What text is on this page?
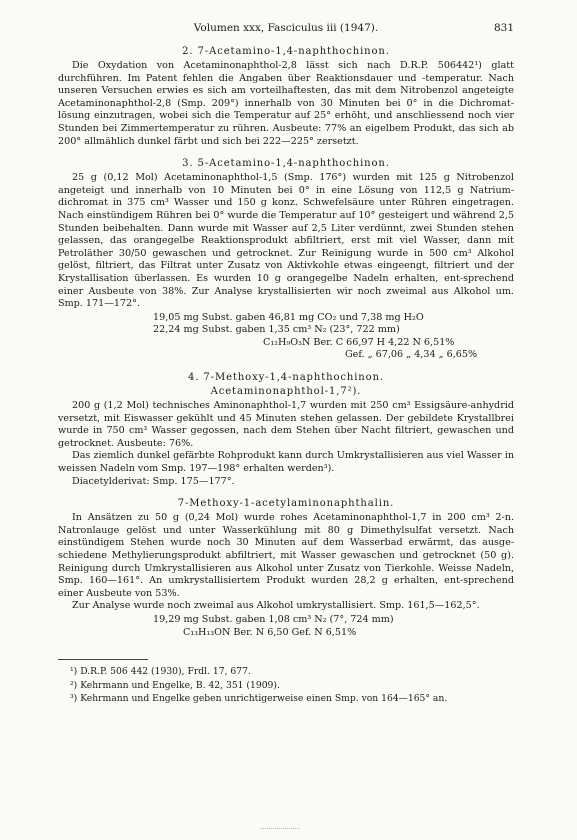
Volumen xxx, Fasciculus iii (1947).	831
2. 7-Acetamino-1,4-naphthochinon.

Die Oxydation von Acetaminonaphthol-2,8 lässt sich nach D.R.P. 506442¹) glatt durchführen. Im Patent fehlen die Angaben über Reaktionsdauer und -temperatur. Nach unseren Versuchen erwies es sich am vorteilhaftesten, das mit dem Nitrobenzol angeteigte Acetaminonaphthol-2,8 (Smp. 209°) innerhalb von 30 Minuten bei 0° in die Dichromat-lösung einzutragen, wobei sich die Temperatur auf 25° erhöht, und anschliessend noch vier Stunden bei Zimmertemperatur zu rühren. Ausbeute: 77% an eigelbem Produkt, das sich ab 200° allmählich dunkel färbt und sich bei 222—225° zersetzt.

3. 5-Acetamino-1,4-naphthochinon.

25 g (0,12 Mol) Acetaminonaphthol-1,5 (Smp. 176°) wurden mit 125 g Nitrobenzol angeteigt und innerhalb von 10 Minuten bei 0° in eine Lösung von 112,5 g Natrium-dichromat in 375 cm³ Wasser und 150 g konz. Schwefelsäure unter Rühren eingetragen. Nach einstündigem Rühren bei 0° wurde die Temperatur auf 10° gesteigert und während 2,5 Stunden beibehalten. Dann wurde mit Wasser auf 2,5 Liter verdünnt, zwei Stunden stehen gelassen, das orangegelbe Reaktionsprodukt abfiltriert, erst mit viel Wasser, dann mit Petroläther 30/50 gewaschen und getrocknet. Zur Reinigung wurde in 500 cm³ Alkohol gelöst, filtriert, das Filtrat unter Zusatz von Aktivkohle etwas eingeengt, filtriert und der Krystallisation überlassen. Es wurden 10 g orangegelbe Nadeln erhalten, ent-sprechend einer Ausbeute von 38%. Zur Analyse krystallisierten wir noch zweimal aus Alkohol um. Smp. 171—172°.

19,05 mg Subst. gaben 46,81 mg CO₂ und 7,38 mg H₂O
22,24 mg Subst. gaben 1,35 cm³ N₂ (23°, 722 mm)
C₁₂H₉O₃N Ber. C 66,97 H 4,22 N 6,51%
Gef. „ 67,06 „ 4,34 „ 6,65%
4. 7-Methoxy-1,4-naphthochinon.
Acetaminonaphthol-1,7²).

200 g (1,2 Mol) technisches Aminonaphthol-1,7 wurden mit 250 cm³ Essigsäure-anhydrid versetzt, mit Eiswasser gekühlt und 45 Minuten stehen gelassen. Der gebildete Krystallbrei wurde in 750 cm³ Wasser gegossen, nach dem Stehen über Nacht filtriert, gewaschen und getrocknet. Ausbeute: 76%.

Das ziemlich dunkel gefärbte Rohprodukt kann durch Umkrystallisieren aus viel Wasser in weissen Nadeln vom Smp. 197—198° erhalten werden³).

Diacetylderivat: Smp. 175—177°.

7-Methoxy-1-acetylaminonaphthalin.

In Ansätzen zu 50 g (0,24 Mol) wurde rohes Acetaminonaphthol-1,7 in 200 cm³ 2-n. Natronlauge gelöst und unter Wasserkühlung mit 80 g Dimethylsulfat versetzt. Nach einstündigem Stehen wurde noch 30 Minuten auf dem Wasserbad erwärmt, das ausge-schiedene Methylierungsprodukt abfiltriert, mit Wasser gewaschen und getrocknet (50 g). Reinigung durch Umkrystallisieren aus Alkohol unter Zusatz von Tierkohle. Weisse Nadeln, Smp. 160—161°. An umkrystallisiertem Produkt wurden 28,2 g erhalten, ent-sprechend einer Ausbeute von 53%.

Zur Analyse wurde noch zweimal aus Alkohol umkrystallisiert. Smp. 161,5—162,5°.

19,29 mg Subst. gaben 1,08 cm³ N₂ (7°, 724 mm)
C₁₃H₁₃ON Ber. N 6,50 Gef. N 6,51%
¹) D.R.P. 506 442 (1930), Frdl. 17, 677.
²) Kehrmann und Engelke, B. 42, 351 (1909).
³) Kehrmann und Engelke geben unrichtigerweise einen Smp. von 164—165° an.
